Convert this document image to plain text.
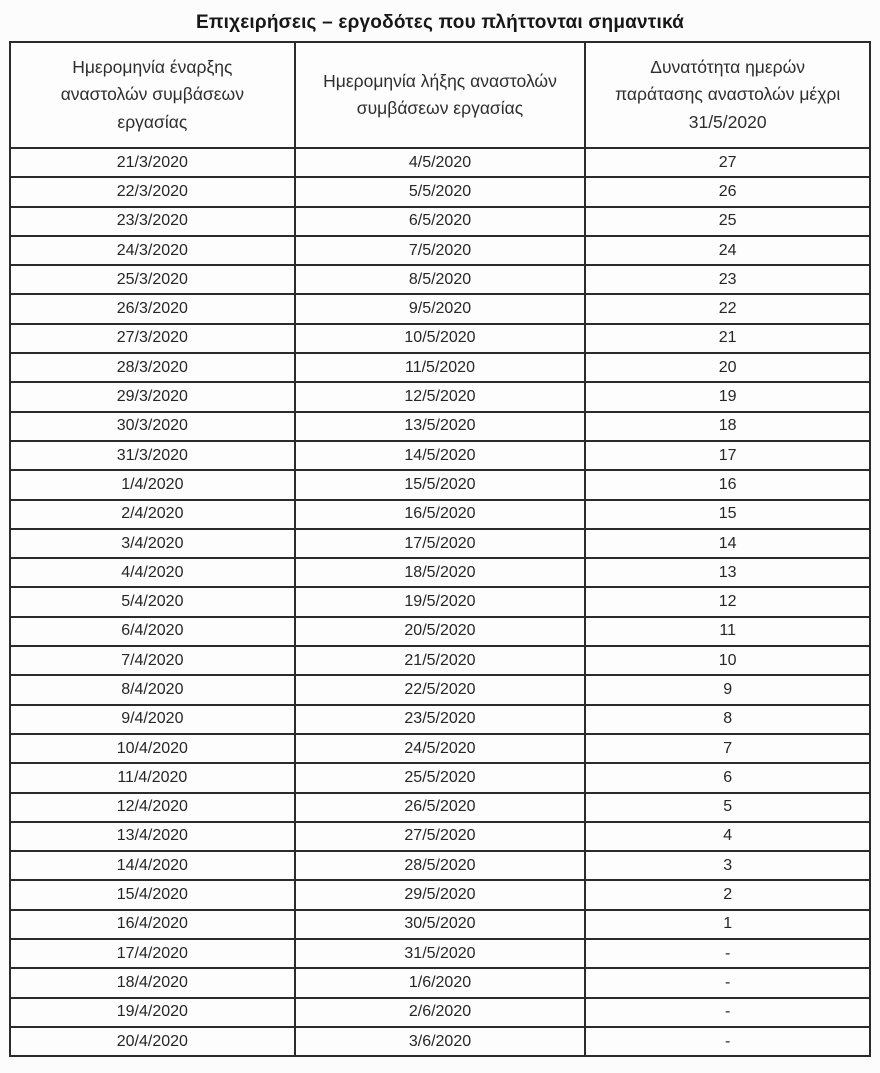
Επιχειρήσεις – εργοδότες που πλήττονται σημαντικά
Ημερομηνία έναρξης αναστολών συμβάσεων εργασίας	Ημερομηνία λήξης αναστολών συμβάσεων εργασίας	Δυνατότητα ημερών παράτασης αναστολών μέχρι 31/5/2020
21/3/2020	4/5/2020	27
22/3/2020	5/5/2020	26
23/3/2020	6/5/2020	25
24/3/2020	7/5/2020	24
25/3/2020	8/5/2020	23
26/3/2020	9/5/2020	22
27/3/2020	10/5/2020	21
28/3/2020	11/5/2020	20
29/3/2020	12/5/2020	19
30/3/2020	13/5/2020	18
31/3/2020	14/5/2020	17
1/4/2020	15/5/2020	16
2/4/2020	16/5/2020	15
3/4/2020	17/5/2020	14
4/4/2020	18/5/2020	13
5/4/2020	19/5/2020	12
6/4/2020	20/5/2020	11
7/4/2020	21/5/2020	10
8/4/2020	22/5/2020	9
9/4/2020	23/5/2020	8
10/4/2020	24/5/2020	7
11/4/2020	25/5/2020	6
12/4/2020	26/5/2020	5
13/4/2020	27/5/2020	4
14/4/2020	28/5/2020	3
15/4/2020	29/5/2020	2
16/4/2020	30/5/2020	1
17/4/2020	31/5/2020	-
18/4/2020	1/6/2020	-
19/4/2020	2/6/2020	-
20/4/2020	3/6/2020	-
